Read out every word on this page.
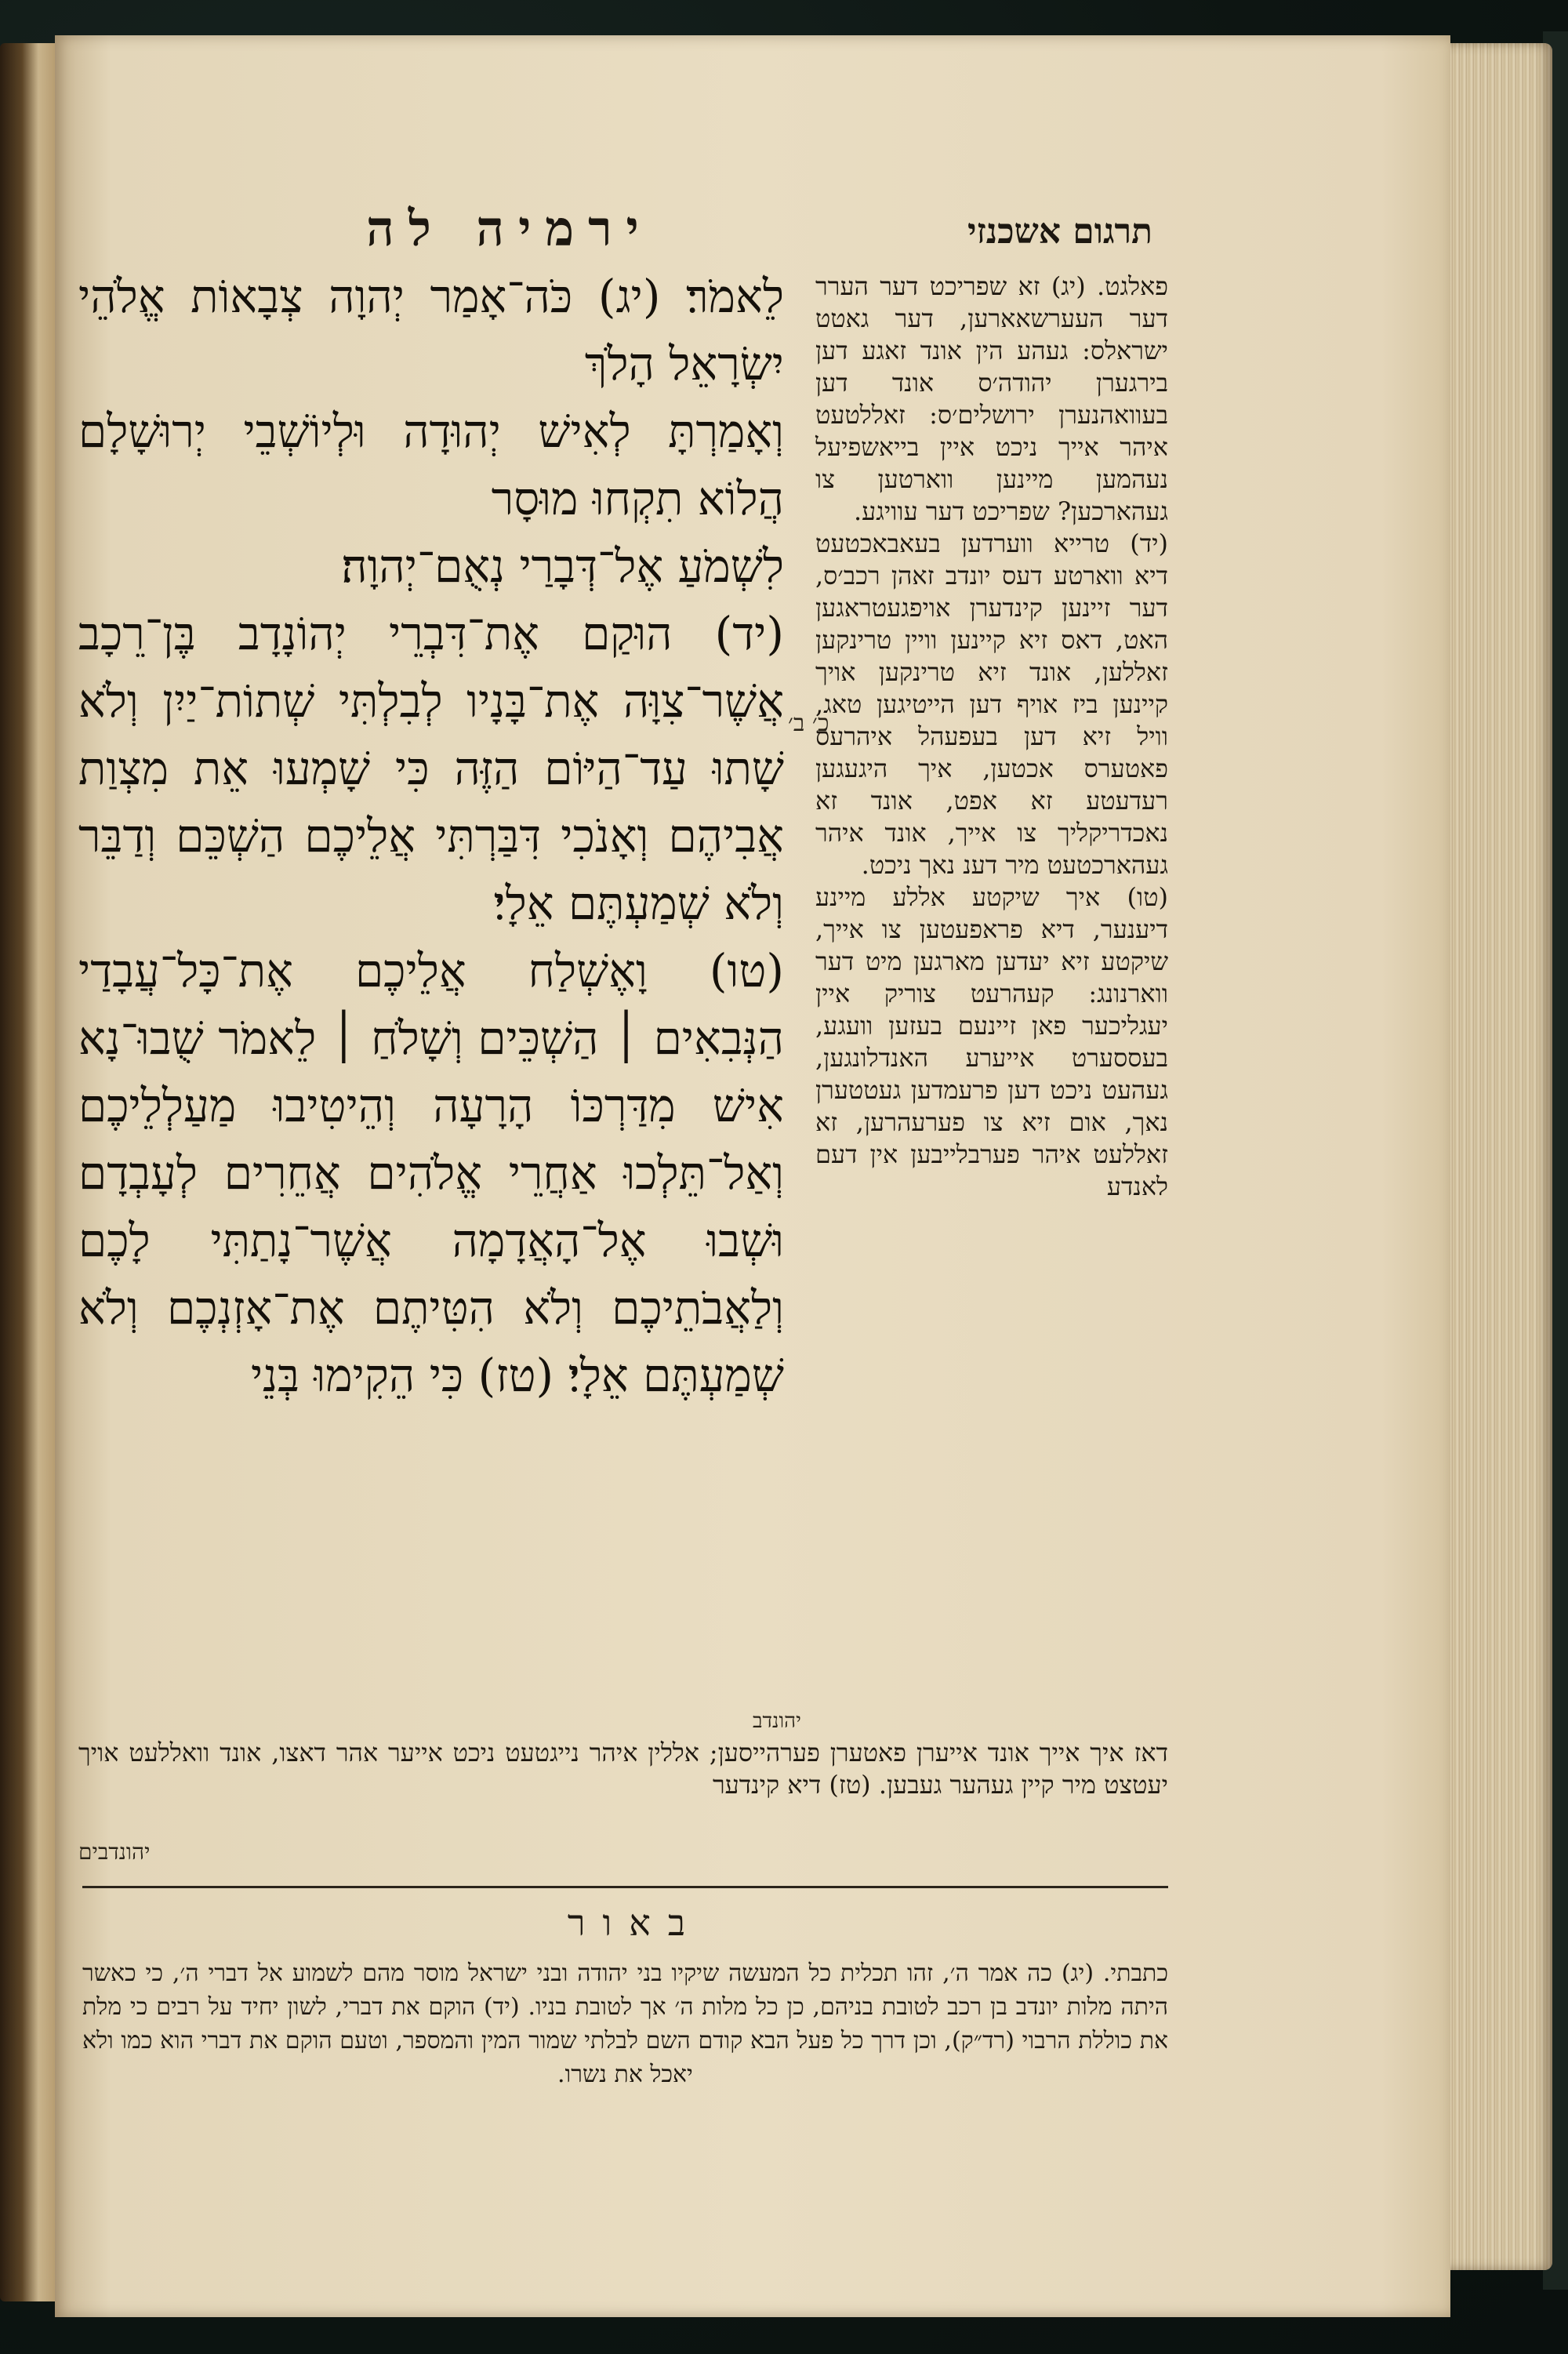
ירמיה לה	תרגום אשכנזי

לֵאמֹר׃ (יג) כֹּה־אָמַר יְהוָה צְבָאוֹת אֱלֹהֵי יִשְׂרָאֵל הָלֹךְ

וְאָמַרְתָּ לְאִישׁ יְהוּדָה וּלְיוֹשְׁבֵי יְרוּשָׁלָם הֲלוֹא תִקְחוּ מוּסָר

לִשְׁמֹעַ אֶל־דְּבָרַי נְאֻם־יְהוָה׃

(יד) הוּקַם אֶת־דִּבְרֵי יְהוֹנָדָב בֶּן־רֵכָב אֲשֶׁר־צִוָּה אֶת־בָּנָיו לְבִלְתִּי שְׁתוֹת־יַיִן וְלֹא שָׁתוּ עַד־הַיּוֹם הַזֶּה כִּי שָׁמְעוּ אֵת מִצְוַת אֲבִיהֶם וְאָנֹכִי דִּבַּרְתִּי אֲלֵיכֶם הַשְׁכֵּם וְדַבֵּר וְלֹא שְׁמַעְתֶּם אֵלָי׃

(טו) וָאֶשְׁלַח אֲלֵיכֶם אֶת־כָּל־עֲבָדַי הַנְּבִאִים ׀ הַשְׁכֵּים וְשָׁלֹחַ ׀ לֵאמֹר שֻׁבוּ־נָא אִישׁ מִדַּרְכּוֹ הָרָעָה וְהֵיטִיבוּ מַעַלְלֵיכֶם וְאַל־תֵּלְכוּ אַחֲרֵי אֱלֹהִים אֲחֵרִים לְעָבְדָם וּשְׁבוּ אֶל־הָאֲדָמָה אֲשֶׁר־נָתַתִּי לָכֶם וְלַאֲבֹתֵיכֶם וְלֹא הִטִּיתֶם אֶת־אָזְנְכֶם וְלֹא שְׁמַעְתֶּם אֵלָי׃ (טז) כִּי הֵקִימוּ בְּנֵי

כ׳ ב׳

פאלגט. (יג) זא שפריכט דער הערר דער העערשאארען, דער גאטט ישראלס: געהע הין אונד זאגע דען בירגערן יהודה׳ס אונד דען בעוואהנערן ירושלים׳ס: זאללטעט איהר אייך ניכט איין בייאשפיעל נעהמען מיינען ווארטען צו געהארכען? שפריכט דער עוויגע.

(יד) טרייא ווערדען בעאבאכטעט דיא ווארטע דעס יונדב זאהן רכב׳ס, דער זיינען קינדערן אויפגעטראגען האט, דאס זיא קיינען וויין טרינקען זאללען, אונד זיא טרינקען אויך קיינען ביז אויף דען הייטיגען טאג, וויל זיא דען בעפעהל איהרעס פאטערס אכטען, איך היגעגען רעדעטע זא אפט, אונד זא נאכדריקליך צו אייך, אונד איהר געהארכטעט מיר דענ נאך ניכט.

(טו) איך שיקטע אללע מיינע דיענער, דיא פראפעטען צו אייך, שיקטע זיא יעדען מארגען מיט דער ווארנונג: קעהרעט צוריק איין יעגליכער פאן זיינעם בעזען וועגע, בעססערט אייערע האנדלונגען, געהעט ניכט דען פרעמדען געטטערן נאך, אום זיא צו פערעהרען, זא זאללעט איהר פערבלייבען אין דעם לאנדע

יהונדב
דאז איך אייך אונד אייערן פאטערן פערהייסען; אללין איהר נייגטעט ניכט אייער אהר דאצו, אונד וואללעט אויך יעטצט מיר קיין געהער געבען. (טז) דיא קינדער
יהונדבים
באור
כתבתי. (יג) כה אמר ה׳, זהו תכלית כל המעשה שיקיו בני יהודה ובני ישראל מוסר מהם לשמוע אל דברי ה׳, כי כאשר היתה מלות יונדב בן רכב לטובת בניהם, כן כל מלות ה׳ אך לטובת בניו. (יד) הוקם את דברי, לשון יחיד על רבים כי מלת את כוללת הרבוי (רד״ק), וכן דרך כל פעל הבא קודם השם לבלתי שמור המין והמספר, וטעם הוקם את דברי הוא כמו ולא יאכל את נשרו.
